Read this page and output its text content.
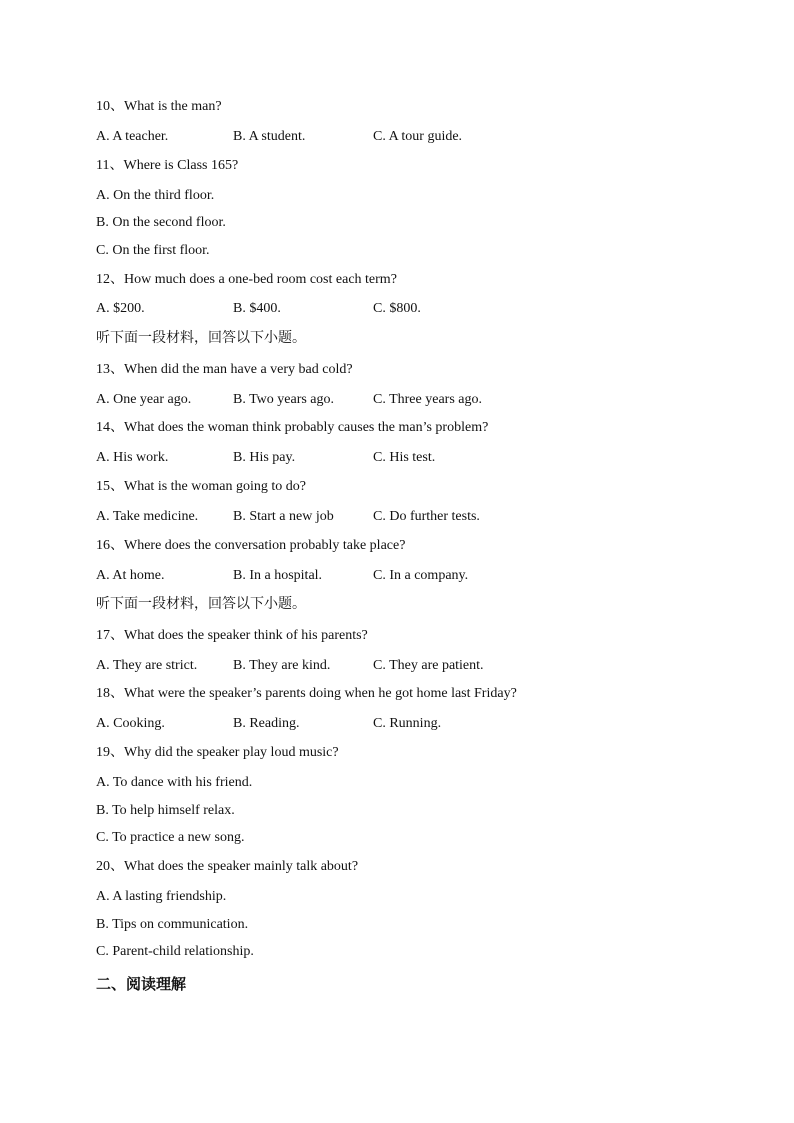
10、What is the man?
A. A teacher.	B. A student.	C. A tour guide.
11、Where is Class 165?
A. On the third floor.
B. On the second floor.
C. On the first floor.
12、How much does a one-bed room cost each term?
A. $200.	B. $400.	C. $800.
听下面一段材料，回答以下小题。
13、When did the man have a very bad cold?
A. One year ago.	B. Two years ago.	C. Three years ago.
14、What does the woman think probably causes the man’s problem?
A. His work.	B. His pay.	C. His test.
15、What is the woman going to do?
A. Take medicine. B. Start a new job	C. Do further tests.
16、Where does the conversation probably take place?
A. At home.	B. In a hospital.	C. In a company.
听下面一段材料，回答以下小题。
17、What does the speaker think of his parents?
A. They are strict.	B. They are kind.	C. They are patient.
18、What were the speaker’s parents doing when he got home last Friday?
A. Cooking.	B. Reading.	C. Running.
19、Why did the speaker play loud music?
A. To dance with his friend.
B. To help himself relax.
C. To practice a new song.
20、What does the speaker mainly talk about?
A. A lasting friendship.
B. Tips on communication.
C. Parent-child relationship.
二、阅读理解
